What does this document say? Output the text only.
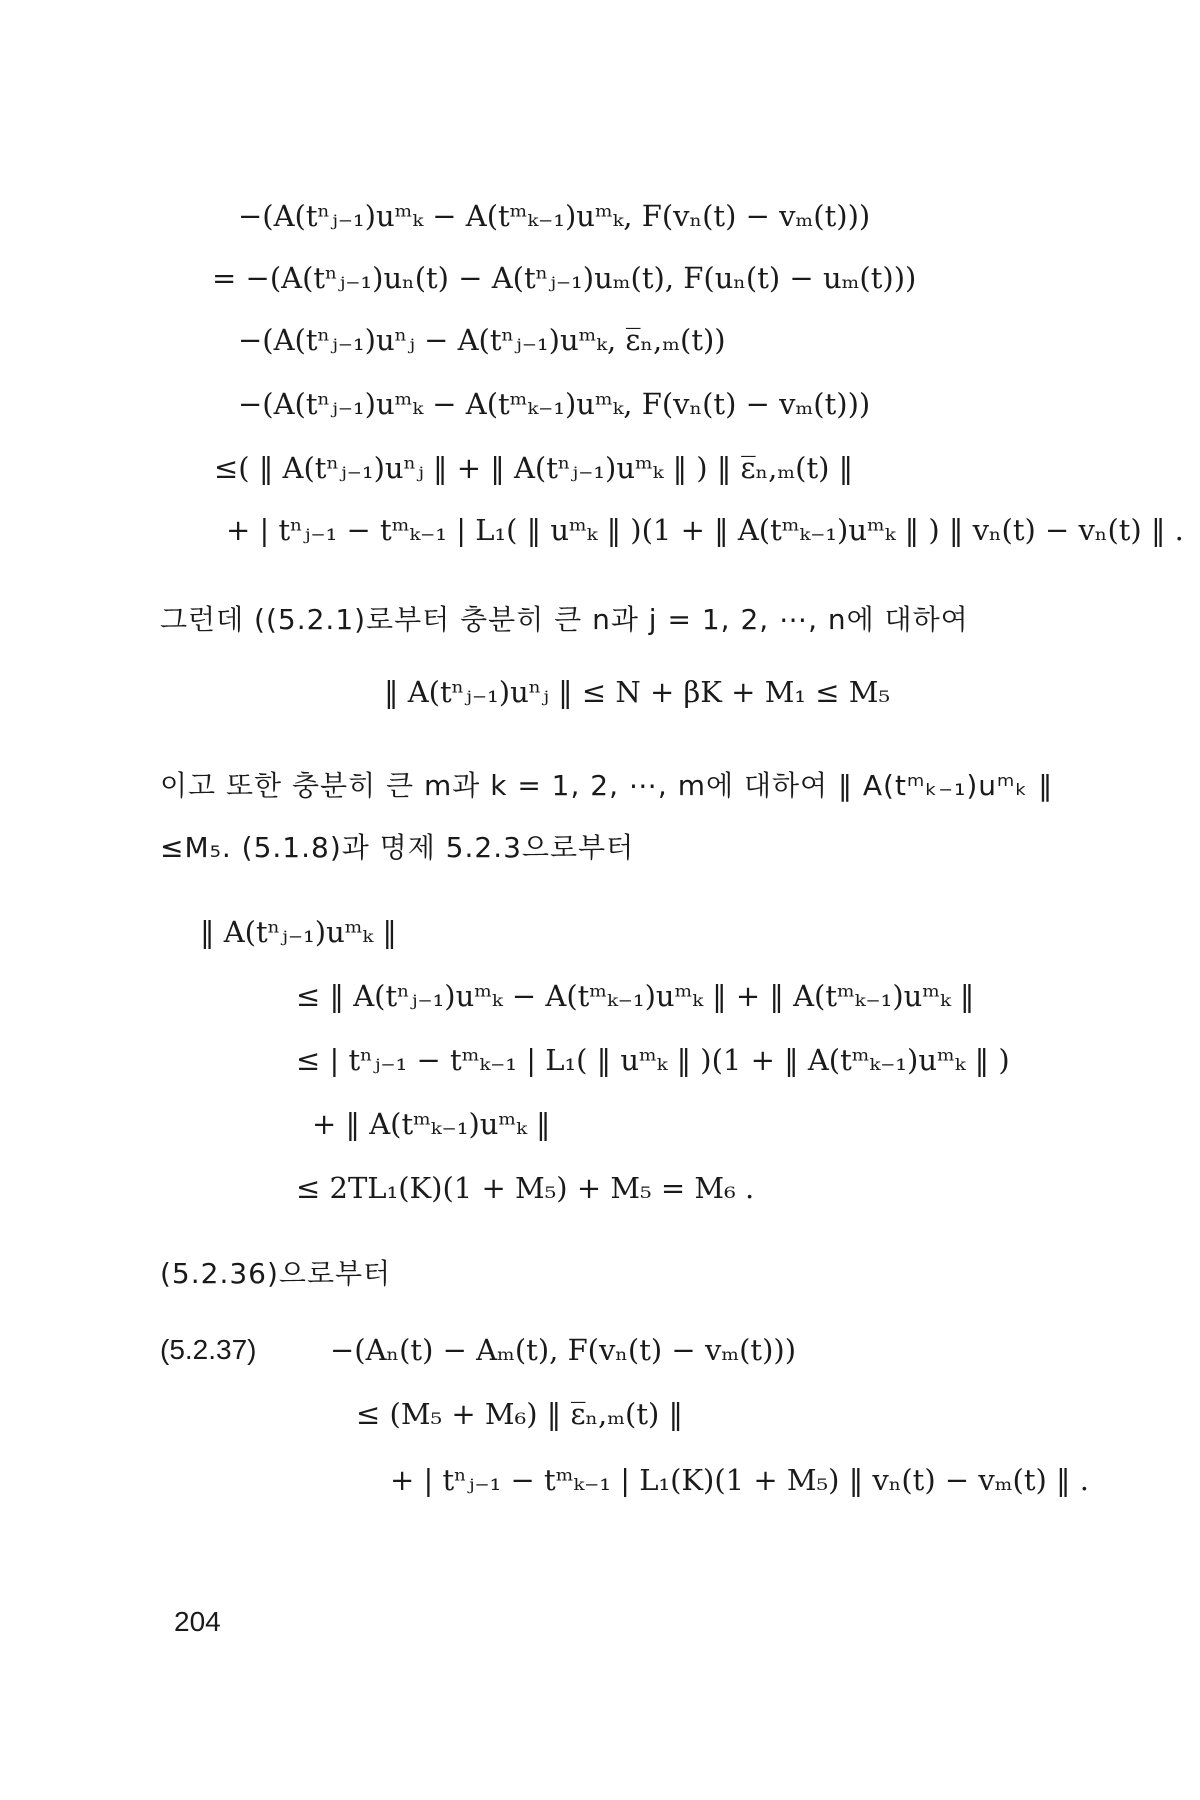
−(A(tⁿⱼ₋₁)uᵐₖ − A(tᵐₖ₋₁)uᵐₖ, F(vₙ(t) − vₘ(t)))
= −(A(tⁿⱼ₋₁)uₙ(t) − A(tⁿⱼ₋₁)uₘ(t), F(uₙ(t) − uₘ(t)))
−(A(tⁿⱼ₋₁)uⁿⱼ − A(tⁿⱼ₋₁)uᵐₖ, ε̅ₙ,ₘ(t))
−(A(tⁿⱼ₋₁)uᵐₖ − A(tᵐₖ₋₁)uᵐₖ, F(vₙ(t) − vₘ(t)))
≤( ‖ A(tⁿⱼ₋₁)uⁿⱼ ‖ + ‖ A(tⁿⱼ₋₁)uᵐₖ ‖ ) ‖ ε̅ₙ,ₘ(t) ‖
+ | tⁿⱼ₋₁ − tᵐₖ₋₁ | L₁( ‖ uᵐₖ ‖ )(1 + ‖ A(tᵐₖ₋₁)uᵐₖ ‖ ) ‖ vₙ(t) − vₙ(t) ‖ .
그런데 ((5.2.1)로부터 충분히 큰 n과 j = 1, 2, ⋯, n에 대하여
‖ A(tⁿⱼ₋₁)uⁿⱼ ‖ ≤ N + βK + M₁ ≤ M₅
이고 또한 충분히 큰 m과 k = 1, 2, ⋯, m에 대하여 ‖ A(tᵐₖ₋₁)uᵐₖ ‖
≤M₅. (5.1.8)과 명제 5.2.3으로부터
‖ A(tⁿⱼ₋₁)uᵐₖ ‖
≤ ‖ A(tⁿⱼ₋₁)uᵐₖ − A(tᵐₖ₋₁)uᵐₖ ‖ + ‖ A(tᵐₖ₋₁)uᵐₖ ‖
≤ | tⁿⱼ₋₁ − tᵐₖ₋₁ | L₁( ‖ uᵐₖ ‖ )(1 + ‖ A(tᵐₖ₋₁)uᵐₖ ‖ )
+ ‖ A(tᵐₖ₋₁)uᵐₖ ‖
≤ 2TL₁(K)(1 + M₅) + M₅ = M₆ .
(5.2.36)으로부터
(5.2.37)	−(Aₙ(t) − Aₘ(t), F(vₙ(t) − vₘ(t)))
≤ (M₅ + M₆) ‖ ε̅ₙ,ₘ(t) ‖
+ | tⁿⱼ₋₁ − tᵐₖ₋₁ | L₁(K)(1 + M₅) ‖ vₙ(t) − vₘ(t) ‖ .
204
